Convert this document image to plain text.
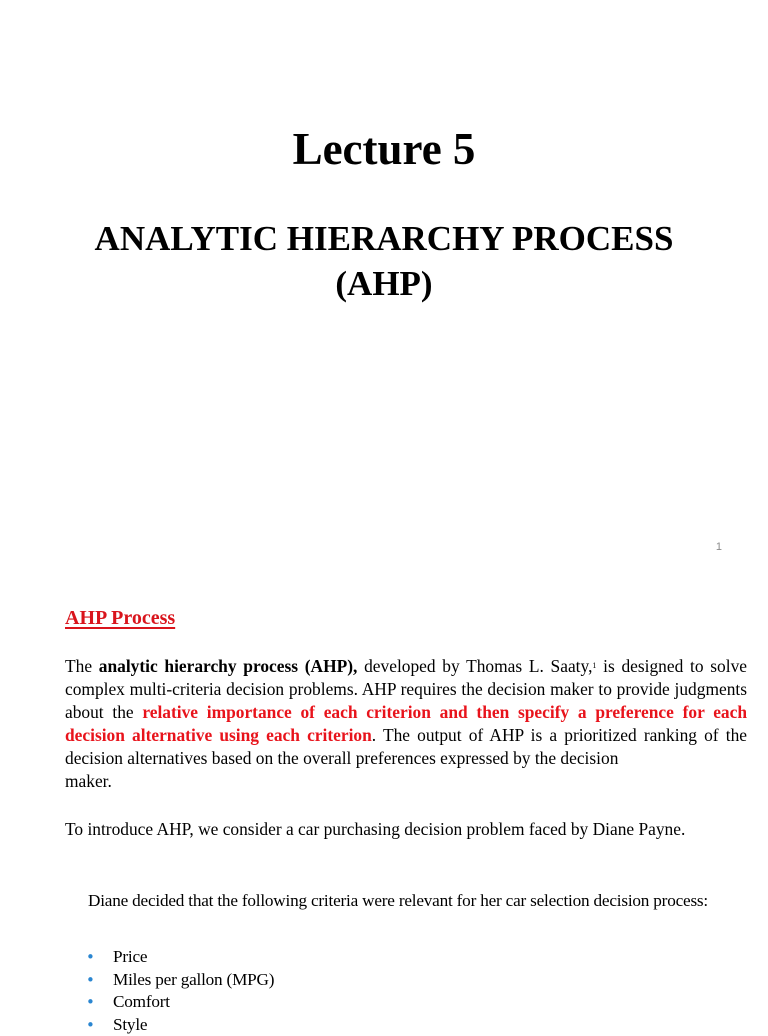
Lecture 5
ANALYTIC HIERARCHY PROCESS
(AHP)
1
AHP Process

The analytic hierarchy process (AHP), developed by Thomas L. Saaty,$^1$ is designed to solve complex multi-criteria decision problems. AHP requires the decision maker to provide judgments about the relative importance of each criterion and then specify a preference for each decision alternative using each criterion. The output of AHP is a prioritized ranking of the decision alternatives based on the overall preferences expressed by the decision
maker.

To introduce AHP, we consider a car purchasing decision problem faced by Diane Payne.

Diane decided that the following criteria were relevant for her car selection decision process:

• Price
• Miles per gallon (MPG)
• Comfort
• Style
